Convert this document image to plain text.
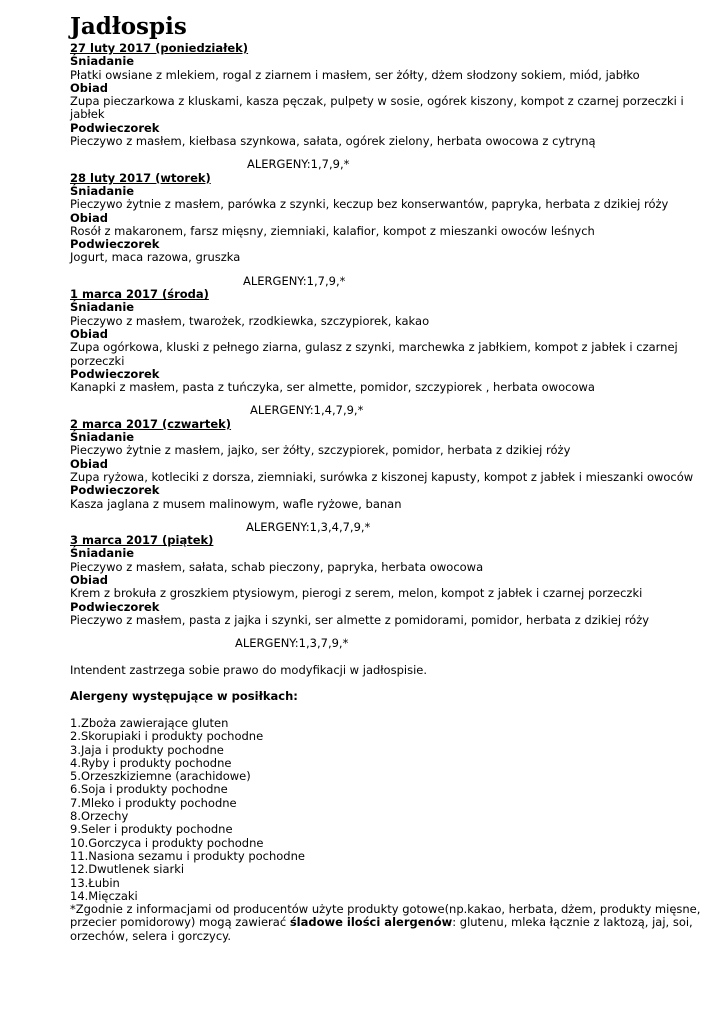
Jadłospis

27 luty 2017 (poniedziałek)

Śniadanie

Płatki owsiane z mlekiem, rogal z ziarnem i masłem, ser żółty, dżem słodzony sokiem, miód, jabłko

Obiad

Zupa pieczarkowa z kluskami, kasza pęczak, pulpety w sosie, ogórek kiszony, kompot z czarnej porzeczki i jabłek

Podwieczorek

Pieczywo z masłem, kiełbasa szynkowa, sałata, ogórek zielony, herbata owocowa z cytryną

ALERGENY:1,7,9,*

28 luty 2017 (wtorek)

Śniadanie

Pieczywo żytnie z masłem, parówka z szynki, keczup bez konserwantów, papryka, herbata z dzikiej róży

Obiad

Rosół z makaronem, farsz mięsny, ziemniaki, kalafior, kompot z mieszanki owoców leśnych

Podwieczorek

Jogurt, maca razowa, gruszka

ALERGENY:1,7,9,*

1 marca 2017 (środa)

Śniadanie

Pieczywo z masłem, twarożek, rzodkiewka, szczypiorek, kakao

Obiad

Zupa ogórkowa, kluski z pełnego ziarna, gulasz z szynki, marchewka z jabłkiem, kompot z jabłek i czarnej porzeczki

Podwieczorek

Kanapki z masłem, pasta z tuńczyka, ser almette, pomidor, szczypiorek , herbata owocowa

ALERGENY:1,4,7,9,*

2 marca 2017 (czwartek)

Śniadanie

Pieczywo żytnie z masłem, jajko, ser żółty, szczypiorek, pomidor, herbata z dzikiej róży

Obiad

Zupa ryżowa, kotleciki z dorsza, ziemniaki, surówka z kiszonej kapusty, kompot z jabłek i mieszanki owoców

Podwieczorek

Kasza jaglana z musem malinowym, wafle ryżowe, banan

ALERGENY:1,3,4,7,9,*

3 marca 2017 (piątek)

Śniadanie

Pieczywo z masłem, sałata, schab pieczony, papryka, herbata owocowa

Obiad

Krem z brokuła z groszkiem ptysiowym, pierogi z serem, melon, kompot z jabłek i czarnej porzeczki

Podwieczorek

Pieczywo z masłem, pasta z jajka i szynki, ser almette z pomidorami, pomidor, herbata z dzikiej róży

ALERGENY:1,3,7,9,*

Intendent zastrzega sobie prawo do modyfikacji w jadłospisie.

Alergeny występujące w posiłkach:

1.Zboża zawierające gluten

2.Skorupiaki i produkty pochodne

3.Jaja i produkty pochodne

4.Ryby i produkty pochodne

5.Orzeszkiziemne (arachidowe)

6.Soja i produkty pochodne

7.Mleko i produkty pochodne

8.Orzechy

9.Seler i produkty pochodne

10.Gorczyca i produkty pochodne

11.Nasiona sezamu i produkty pochodne

12.Dwutlenek siarki

13.Łubin

14.Mięczaki

*Zgodnie z informacjami od producentów użyte produkty gotowe(np.kakao, herbata, dżem, produkty mięsne, przecier pomidorowy) mogą zawierać śladowe ilości alergenów: glutenu, mleka łącznie z laktozą, jaj, soi, orzechów, selera i gorczycy.
